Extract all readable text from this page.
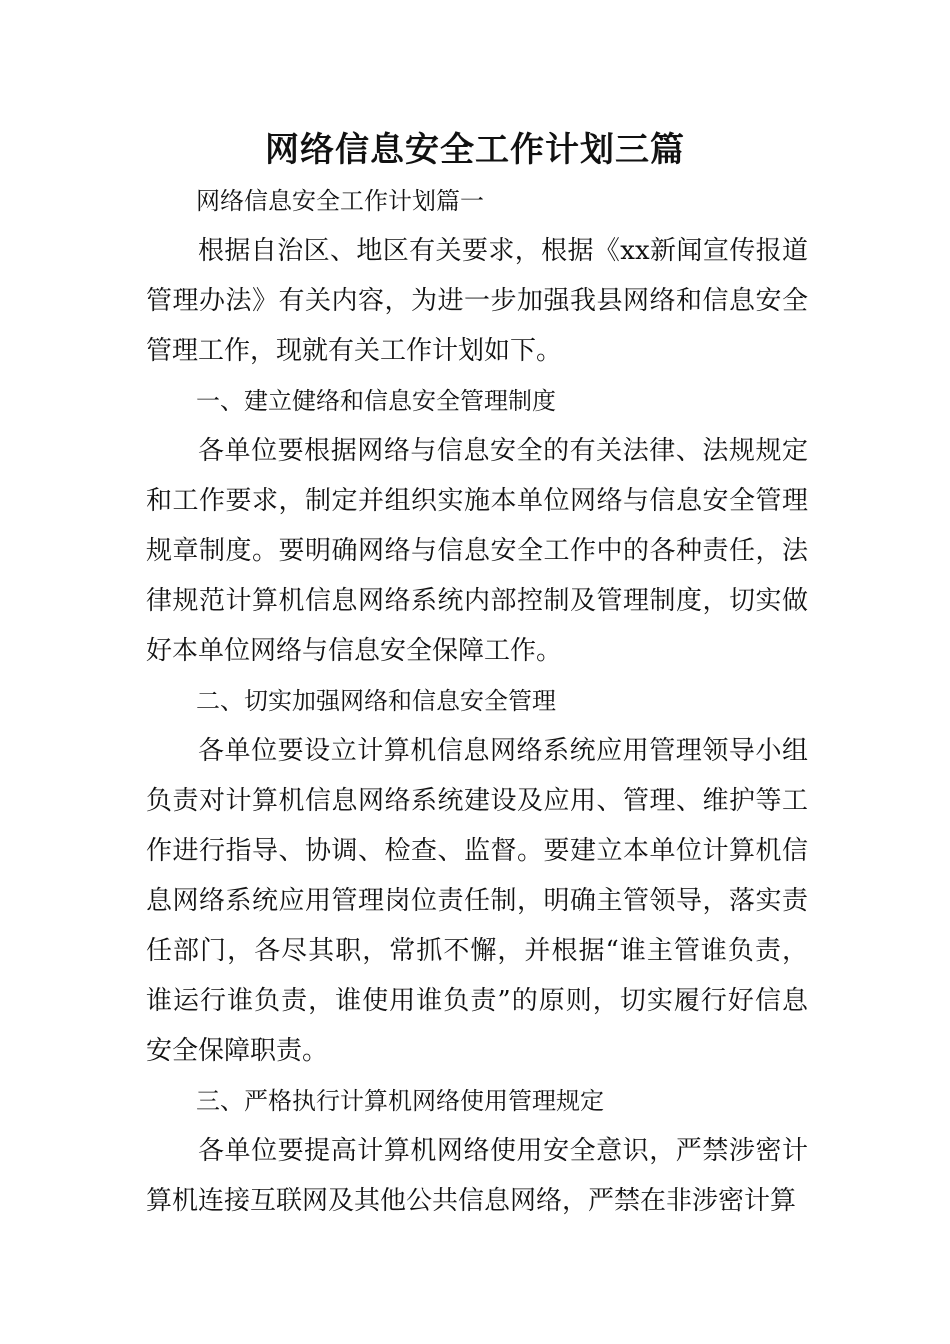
网络信息安全工作计划三篇

网络信息安全工作计划篇一

根据自治区、地区有关要求，根据《xx新闻宣传报道管理办法》有关内容，为进一步加强我县网络和信息安全管理工作，现就有关工作计划如下。

一、建立健络和信息安全管理制度

各单位要根据网络与信息安全的有关法律、法规规定和工作要求，制定并组织实施本单位网络与信息安全管理规章制度。要明确网络与信息安全工作中的各种责任，法律规范计算机信息网络系统内部控制及管理制度，切实做好本单位网络与信息安全保障工作。

二、切实加强网络和信息安全管理

各单位要设立计算机信息网络系统应用管理领导小组负责对计算机信息网络系统建设及应用、管理、维护等工作进行指导、协调、检查、监督。要建立本单位计算机信息网络系统应用管理岗位责任制，明确主管领导，落实责任部门，各尽其职，常抓不懈，并根据“谁主管谁负责，谁运行谁负责，谁使用谁负责”的原则，切实履行好信息安全保障职责。

三、严格执行计算机网络使用管理规定

各单位要提高计算机网络使用安全意识，严禁涉密计算机连接互联网及其他公共信息网络，严禁在非涉密计算
